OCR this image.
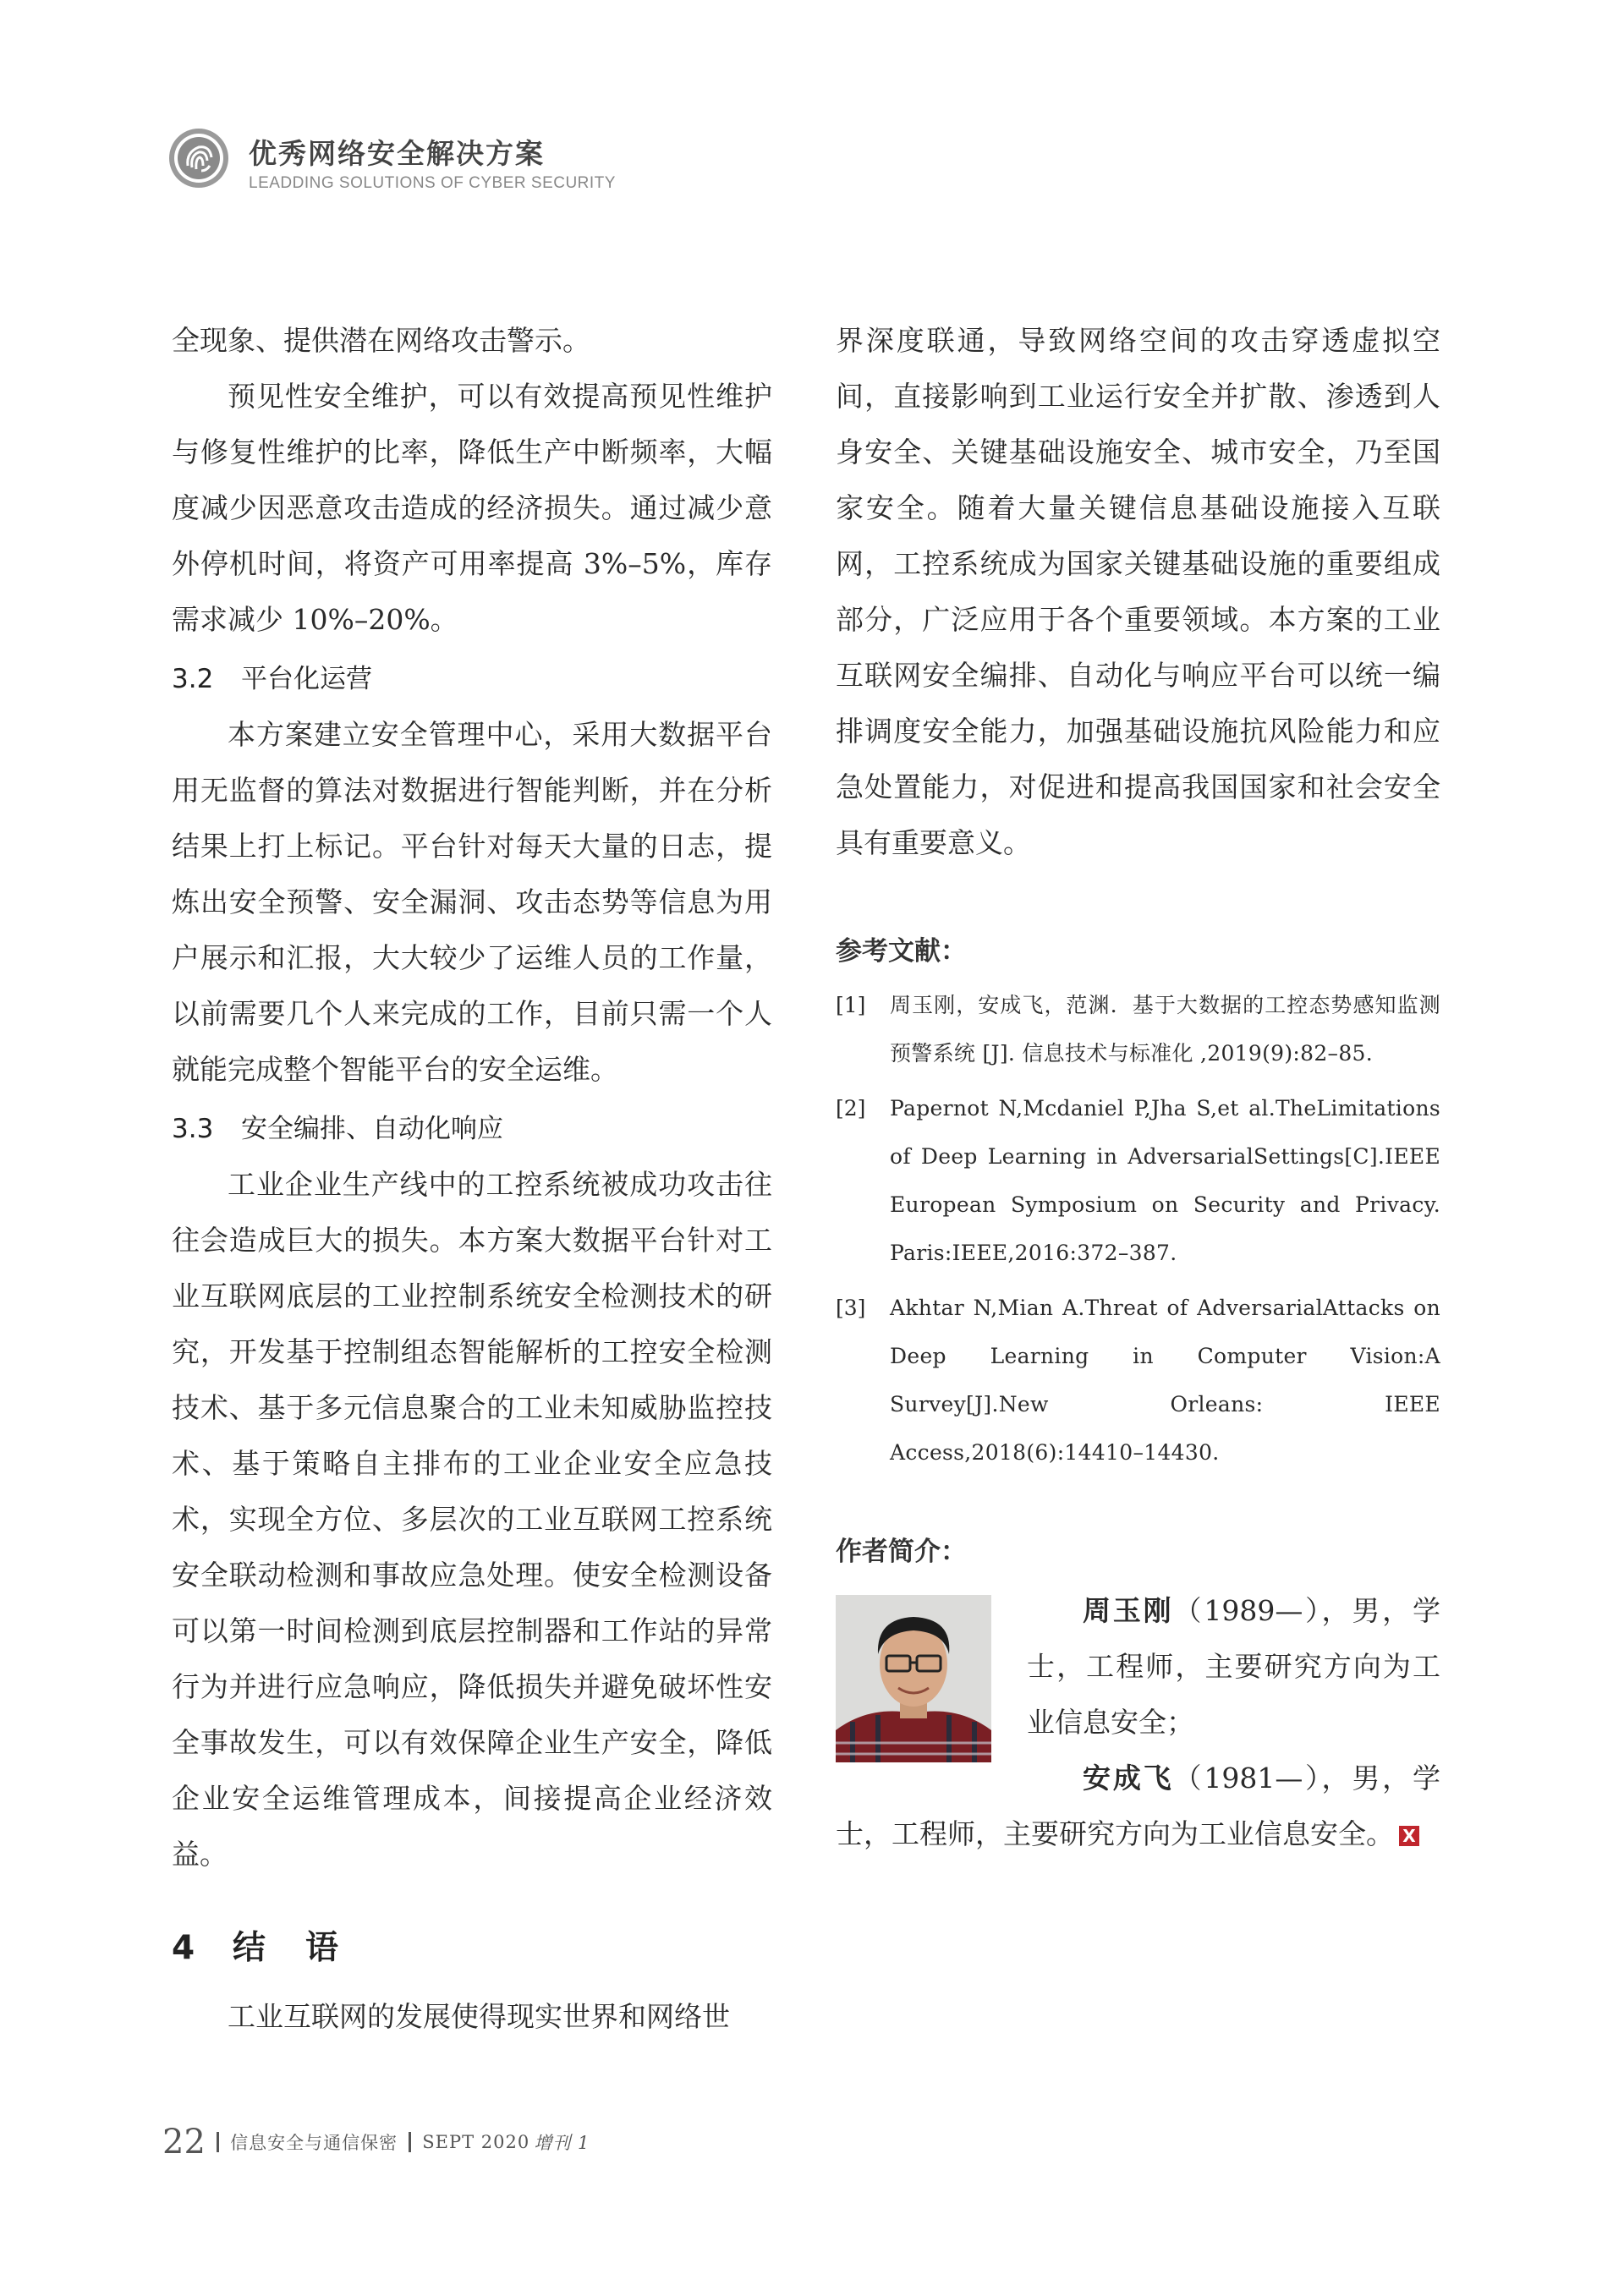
优秀网络安全解决方案
LEADDING SOLUTIONS OF CYBER SECURITY

全现象、提供潜在网络攻击警示。

预见性安全维护，可以有效提高预见性维护与修复性维护的比率，降低生产中断频率，大幅度减少因恶意攻击造成的经济损失。通过减少意外停机时间，将资产可用率提高 3%–5%，库存需求减少 10%–20%。

3.2 平台化运营

本方案建立安全管理中心，采用大数据平台用无监督的算法对数据进行智能判断，并在分析结果上打上标记。平台针对每天大量的日志，提炼出安全预警、安全漏洞、攻击态势等信息为用户展示和汇报，大大较少了运维人员的工作量，以前需要几个人来完成的工作，目前只需一个人就能完成整个智能平台的安全运维。

3.3 安全编排、自动化响应

工业企业生产线中的工控系统被成功攻击往往会造成巨大的损失。本方案大数据平台针对工业互联网底层的工业控制系统安全检测技术的研究，开发基于控制组态智能解析的工控安全检测技术、基于多元信息聚合的工业未知威胁监控技术、基于策略自主排布的工业企业安全应急技术，实现全方位、多层次的工业互联网工控系统安全联动检测和事故应急处理。使安全检测设备可以第一时间检测到底层控制器和工作站的异常行为并进行应急响应，降低损失并避免破坏性安全事故发生，可以有效保障企业生产安全，降低企业安全运维管理成本，间接提高企业经济效益。

4 结 语

工业互联网的发展使得现实世界和网络世

界深度联通，导致网络空间的攻击穿透虚拟空间，直接影响到工业运行安全并扩散、渗透到人身安全、关键基础设施安全、城市安全，乃至国家安全。随着大量关键信息基础设施接入互联网，工控系统成为国家关键基础设施的重要组成部分，广泛应用于各个重要领域。本方案的工业互联网安全编排、自动化与响应平台可以统一编排调度安全能力，加强基础设施抗风险能力和应急处置能力，对促进和提高我国国家和社会安全具有重要意义。

参考文献：
[1] 周玉刚，安成飞，范渊．基于大数据的工控态势感知监测预警系统 [J]. 信息技术与标准化 ,2019(9):82–85.
[2] Papernot N,Mcdaniel P,Jha S,et al.TheLimitations of Deep Learning in AdversarialSettings[C].IEEE European Symposium on Security and Privacy. Paris:IEEE,2016:372–387.
[3] Akhtar N,Mian A.Threat of AdversarialAttacks on Deep Learning in Computer Vision:A Survey[J].New Orleans: IEEE Access,2018(6):14410–14430.
作者简介：

周玉刚（1989—），男，学士，工程师，主要研究方向为工业信息安全；

安成飞（1981—），男，学士，工程师，主要研究方向为工业信息安全。 X

22 信息安全与通信保密 SEPT 2020 增刊 1
